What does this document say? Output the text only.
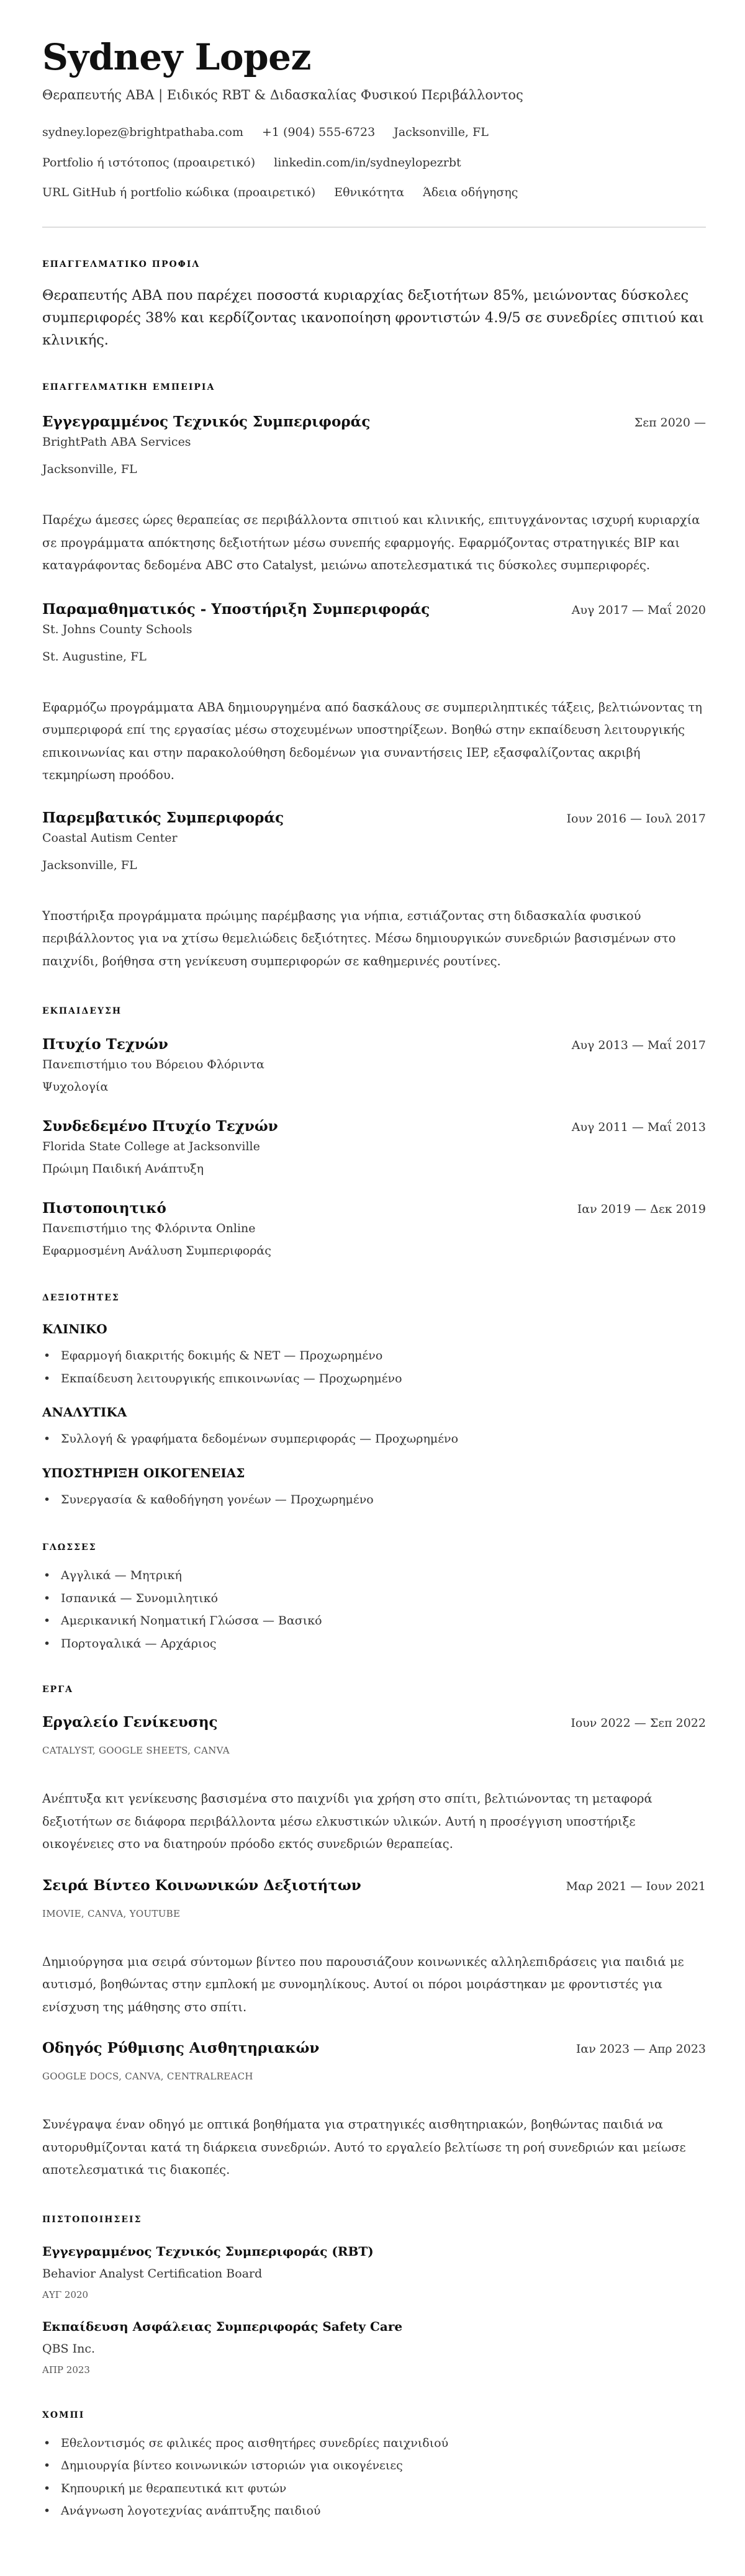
Sydney Lopez
Θεραπευτής ABA | Ειδικός RBT & Διδασκαλίας Φυσικού Περιβάλλοντος
sydney.lopez@brightpathaba.com +1 (904) 555-6723 Jacksonville, FL
Portfolio ή ιστότοπος (προαιρετικό) linkedin.com/in/sydneylopezrbt
URL GitHub ή portfolio κώδικα (προαιρετικό) Εθνικότητα Άδεια οδήγησης
ΕΠΑΓΓΕΛΜΑΤΙΚΟ ΠΡΟΦΙΛ

Θεραπευτής ABA που παρέχει ποσοστά κυριαρχίας δεξιοτήτων 85%, μειώνοντας δύσκολες συμπεριφορές 38% και κερδίζοντας ικανοποίηση φροντιστών 4.9/5 σε συνεδρίες σπιτιού και κλινικής.

ΕΠΑΓΓΕΛΜΑΤΙΚΗ ΕΜΠΕΙΡΙΑ
Εγγεγραμμένος Τεχνικός Συμπεριφοράς	Σεπ 2020 —
BrightPath ABA Services
Jacksonville, FL

Παρέχω άμεσες ώρες θεραπείας σε περιβάλλοντα σπιτιού και κλινικής, επιτυγχάνοντας ισχυρή κυριαρχία σε προγράμματα απόκτησης δεξιοτήτων μέσω συνεπής εφαρμογής. Εφαρμόζοντας στρατηγικές BIP και καταγράφοντας δεδομένα ABC στο Catalyst, μειώνω αποτελεσματικά τις δύσκολες συμπεριφορές.

Παραμαθηματικός - Υποστήριξη Συμπεριφοράς	Αυγ 2017 — Μαΐ 2020
St. Johns County Schools
St. Augustine, FL

Εφαρμόζω προγράμματα ABA δημιουργημένα από δασκάλους σε συμπεριληπτικές τάξεις, βελτιώνοντας τη συμπεριφορά επί της εργασίας μέσω στοχευμένων υποστηρίξεων. Βοηθώ στην εκπαίδευση λειτουργικής επικοινωνίας και στην παρακολούθηση δεδομένων για συναντήσεις IEP, εξασφαλίζοντας ακριβή τεκμηρίωση προόδου.

Παρεμβατικός Συμπεριφοράς	Ιουν 2016 — Ιουλ 2017
Coastal Autism Center
Jacksonville, FL

Υποστήριξα προγράμματα πρώιμης παρέμβασης για νήπια, εστιάζοντας στη διδασκαλία φυσικού περιβάλλοντος για να χτίσω θεμελιώδεις δεξιότητες. Μέσω δημιουργικών συνεδριών βασισμένων στο παιχνίδι, βοήθησα στη γενίκευση συμπεριφορών σε καθημερινές ρουτίνες.

ΕΚΠΑΙΔΕΥΣΗ
Πτυχίο Τεχνών	Αυγ 2013 — Μαΐ 2017
Πανεπιστήμιο του Βόρειου Φλόριντα
Ψυχολογία
Συνδεδεμένο Πτυχίο Τεχνών	Αυγ 2011 — Μαΐ 2013
Florida State College at Jacksonville
Πρώιμη Παιδική Ανάπτυξη
Πιστοποιητικό	Ιαν 2019 — Δεκ 2019
Πανεπιστήμιο της Φλόριντα Online
Εφαρμοσμένη Ανάλυση Συμπεριφοράς
ΔΕΞΙΟΤΗΤΕΣ
ΚΛΙΝΙΚΟ
• Εφαρμογή διακριτής δοκιμής & NET — Προχωρημένο
• Εκπαίδευση λειτουργικής επικοινωνίας — Προχωρημένο
ΑΝΑΛΥΤΙΚΑ
• Συλλογή & γραφήματα δεδομένων συμπεριφοράς — Προχωρημένο
ΥΠΟΣΤΗΡΙΞΗ ΟΙΚΟΓΕΝΕΙΑΣ
• Συνεργασία & καθοδήγηση γονέων — Προχωρημένο
ΓΛΩΣΣΕΣ
• Αγγλικά — Μητρική
• Ισπανικά — Συνομιλητικό
• Αμερικανική Νοηματική Γλώσσα — Βασικό
• Πορτογαλικά — Αρχάριος
ΕΡΓΑ
Εργαλείο Γενίκευσης	Ιουν 2022 — Σεπ 2022
CATALYST, GOOGLE SHEETS, CANVA

Ανέπτυξα κιτ γενίκευσης βασισμένα στο παιχνίδι για χρήση στο σπίτι, βελτιώνοντας τη μεταφορά δεξιοτήτων σε διάφορα περιβάλλοντα μέσω ελκυστικών υλικών. Αυτή η προσέγγιση υποστήριξε οικογένειες στο να διατηρούν πρόοδο εκτός συνεδριών θεραπείας.

Σειρά Βίντεο Κοινωνικών Δεξιοτήτων	Μαρ 2021 — Ιουν 2021
IMOVIE, CANVA, YOUTUBE

Δημιούργησα μια σειρά σύντομων βίντεο που παρουσιάζουν κοινωνικές αλληλεπιδράσεις για παιδιά με αυτισμό, βοηθώντας στην εμπλοκή με συνομηλίκους. Αυτοί οι πόροι μοιράστηκαν με φροντιστές για ενίσχυση της μάθησης στο σπίτι.

Οδηγός Ρύθμισης Αισθητηριακών	Ιαν 2023 — Απρ 2023
GOOGLE DOCS, CANVA, CENTRALREACH

Συνέγραψα έναν οδηγό με οπτικά βοηθήματα για στρατηγικές αισθητηριακών, βοηθώντας παιδιά να αυτορυθμίζονται κατά τη διάρκεια συνεδριών. Αυτό το εργαλείο βελτίωσε τη ροή συνεδριών και μείωσε αποτελεσματικά τις διακοπές.

ΠΙΣΤΟΠΟΙΗΣΕΙΣ
Εγγεγραμμένος Τεχνικός Συμπεριφοράς (RBT)
Behavior Analyst Certification Board
ΑΥΓ 2020
Εκπαίδευση Ασφάλειας Συμπεριφοράς Safety Care
QBS Inc.
ΑΠΡ 2023
ΧΟΜΠΙ
• Εθελοντισμός σε φιλικές προς αισθητήρες συνεδρίες παιχνιδιού
• Δημιουργία βίντεο κοινωνικών ιστοριών για οικογένειες
• Κηπουρική με θεραπευτικά κιτ φυτών
• Ανάγνωση λογοτεχνίας ανάπτυξης παιδιού
